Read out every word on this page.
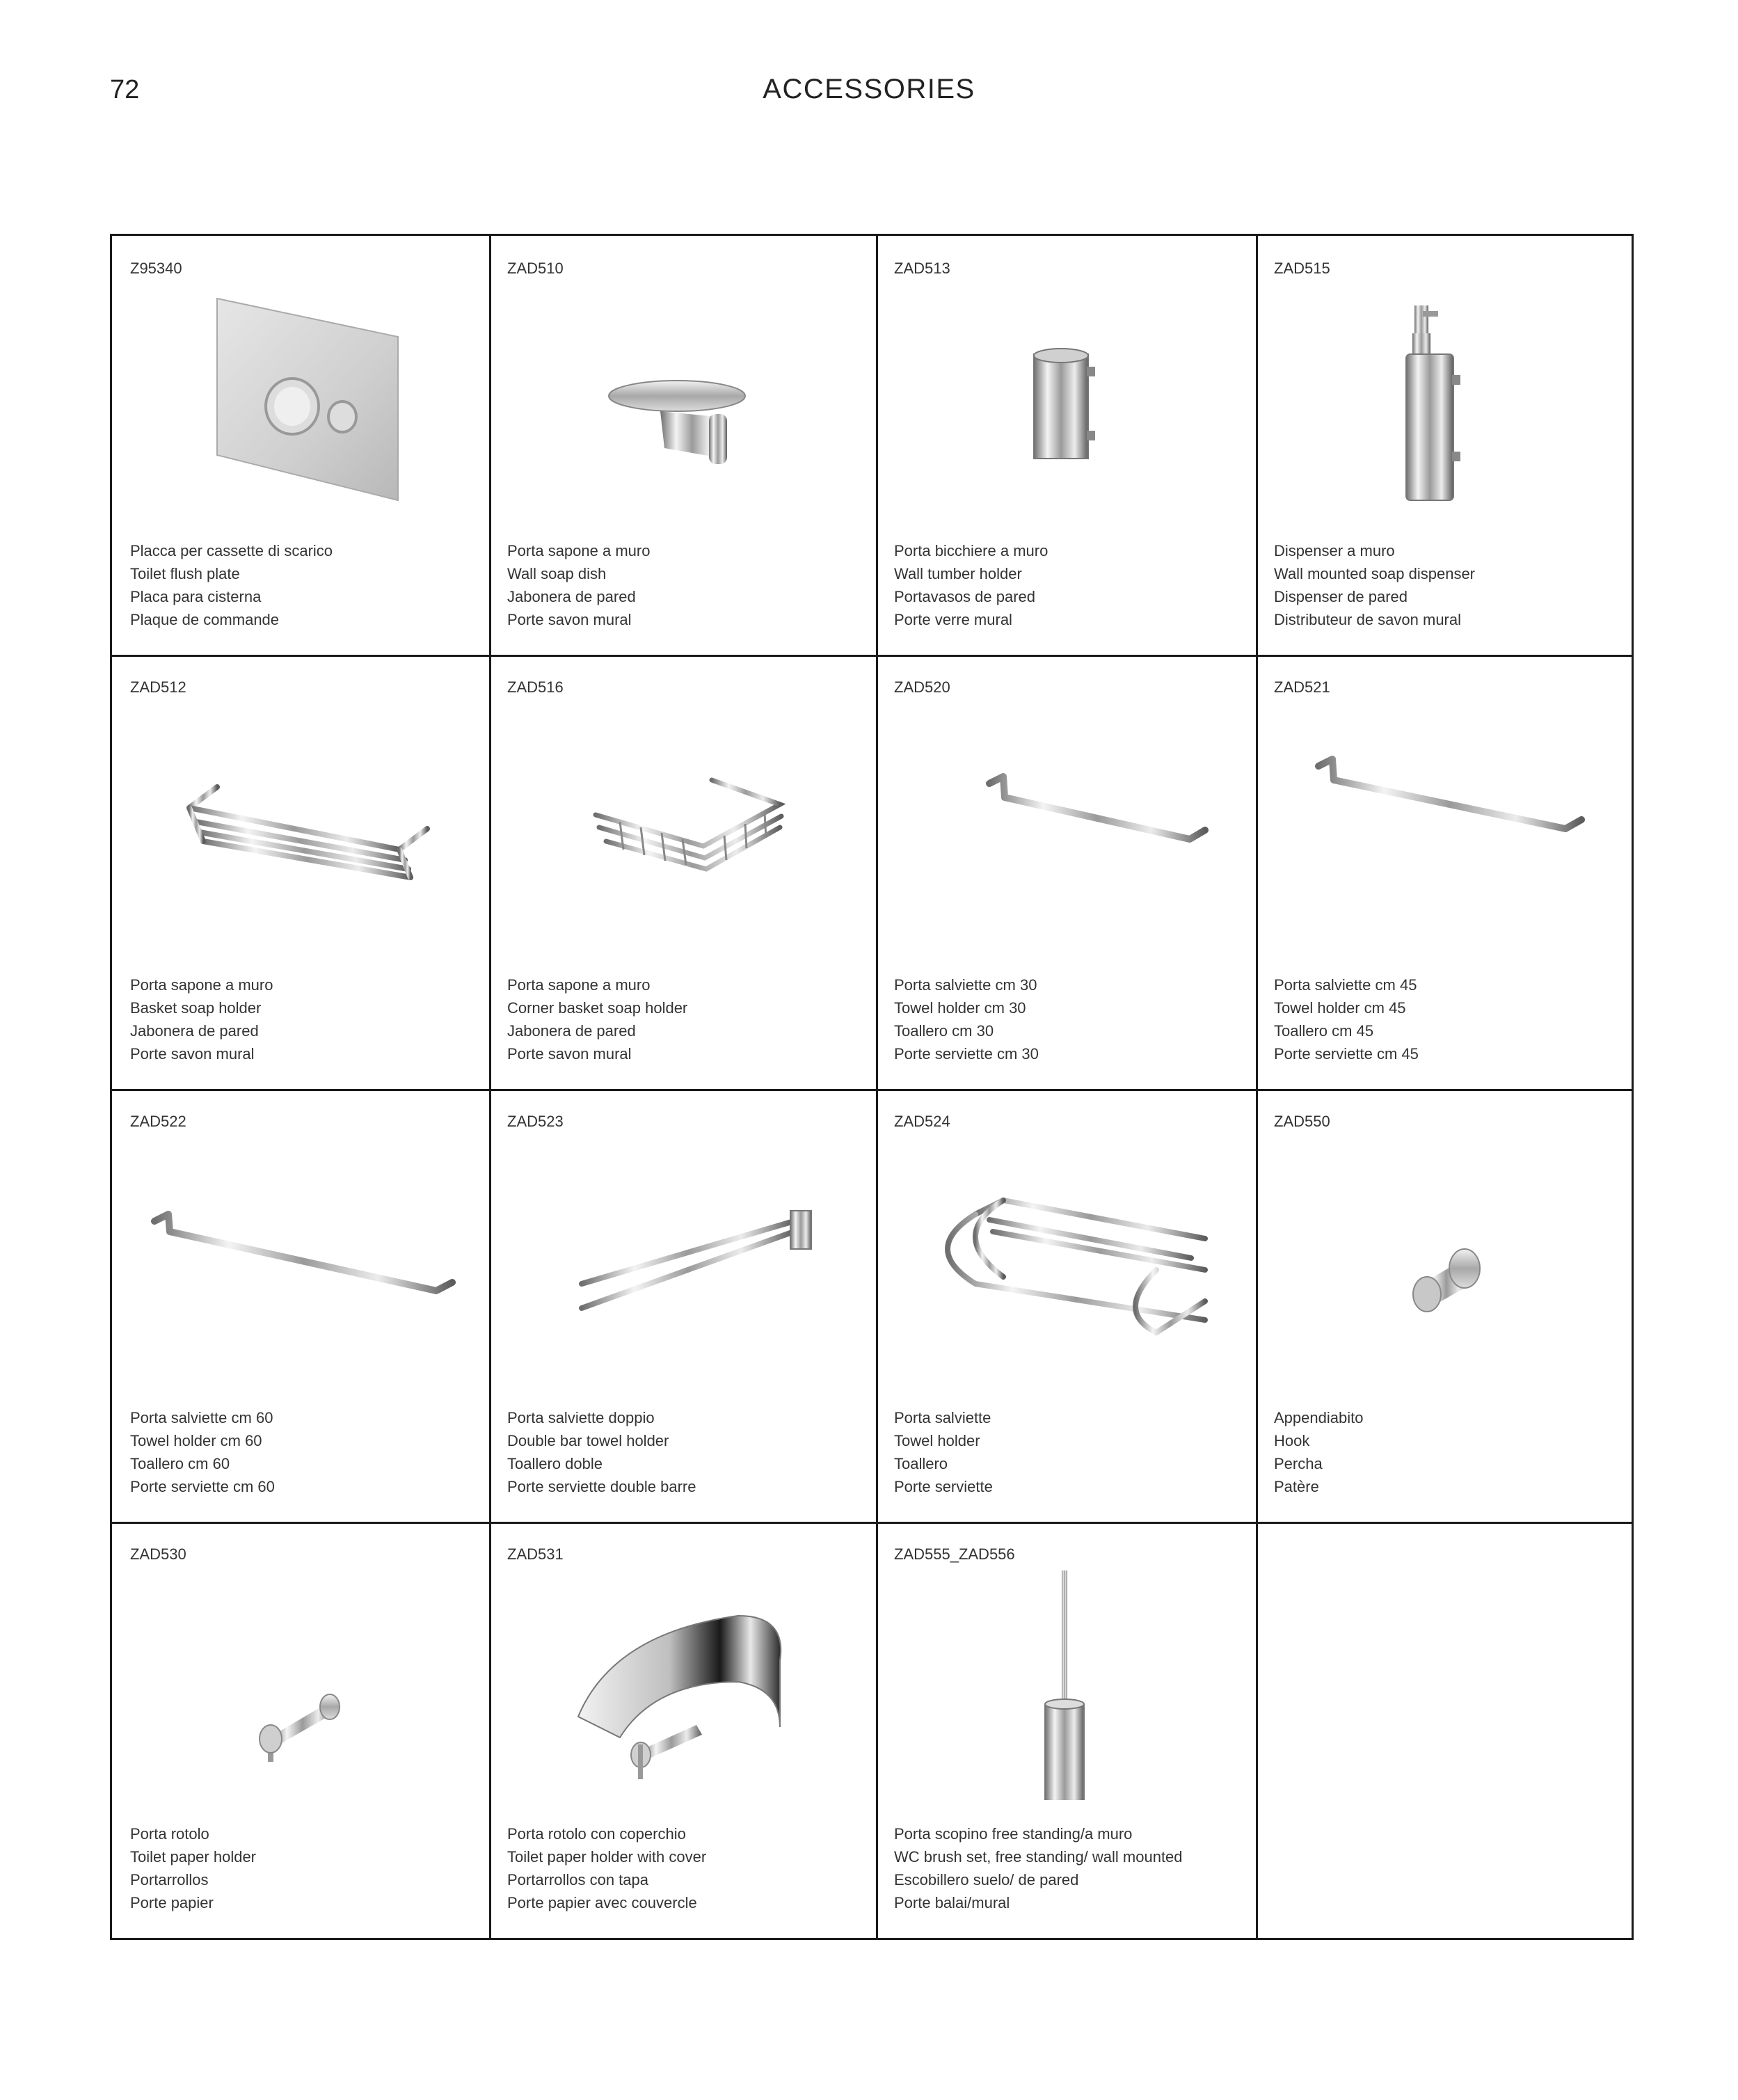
72	ACCESSORIES
Z95340
Placca per cassette di scarico
Toilet flush plate
Placa para cisterna
Plaque de commande
ZAD510
Porta sapone a muro
Wall soap dish
Jabonera de pared
Porte savon mural
ZAD513
Porta bicchiere a muro
Wall tumber holder
Portavasos de pared
Porte verre mural
ZAD515
Dispenser a muro
Wall mounted soap dispenser
Dispenser de pared
Distributeur de savon mural
ZAD512
Porta sapone a muro
Basket soap holder
Jabonera de pared
Porte savon mural
ZAD516
Porta sapone a muro
Corner basket soap holder
Jabonera de pared
Porte savon mural
ZAD520
Porta salviette cm 30
Towel holder cm 30
Toallero cm 30
Porte serviette cm 30
ZAD521
Porta salviette cm 45
Towel holder cm 45
Toallero cm 45
Porte serviette cm 45
ZAD522
Porta salviette cm 60
Towel holder cm 60
Toallero cm 60
Porte serviette cm 60
ZAD523
Porta salviette doppio
Double bar towel holder
Toallero doble
Porte serviette double barre
ZAD524
Porta salviette
Towel holder
Toallero
Porte serviette
ZAD550
Appendiabito
Hook
Percha
Patère
ZAD530
Porta rotolo
Toilet paper holder
Portarrollos
Porte papier
ZAD531
Porta rotolo con coperchio
Toilet paper holder with cover
Portarrollos con tapa
Porte papier avec couvercle
ZAD555_ZAD556
Porta scopino free standing/a muro
WC brush set, free standing/ wall mounted
Escobillero suelo/ de pared
Porte balai/mural
